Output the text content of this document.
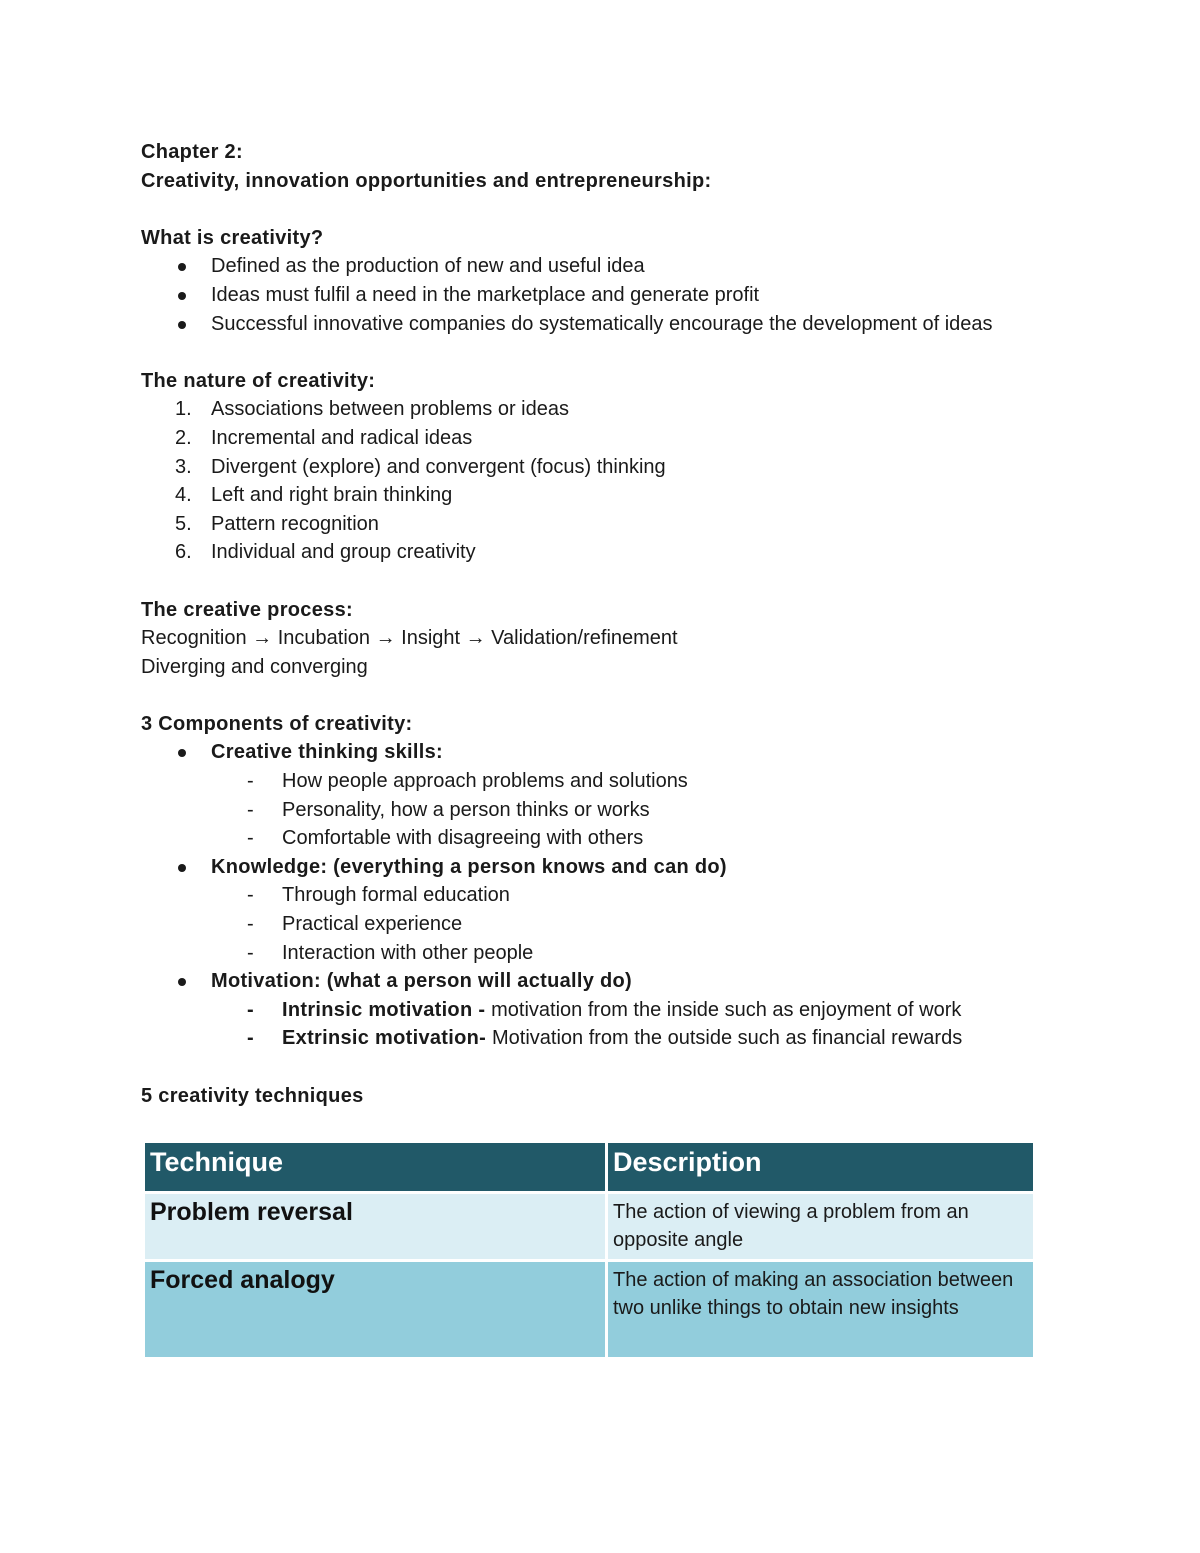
Chapter 2:
Creativity, innovation opportunities and entrepreneurship:
What is creativity?
Defined as the production of new and useful idea
Ideas must fulfil a need in the marketplace and generate profit
Successful innovative companies do systematically encourage the development of ideas
The nature of creativity:
1. Associations between problems or ideas
2. Incremental and radical ideas
3. Divergent (explore) and convergent (focus) thinking
4. Left and right brain thinking
5. Pattern recognition
6. Individual and group creativity
The creative process:
Recognition → Incubation → Insight → Validation/refinement
Diverging and converging
3 Components of creativity:
Creative thinking skills:
- How people approach problems and solutions
- Personality, how a person thinks or works
- Comfortable with disagreeing with others
Knowledge: (everything a person knows and can do)
- Through formal education
- Practical experience
- Interaction with other people
Motivation: (what a person will actually do)
- Intrinsic motivation - motivation from the inside such as enjoyment of work
- Extrinsic motivation- Motivation from the outside such as financial rewards
5 creativity techniques
Technique	Description
Problem reversal	The action of viewing a problem from an
opposite angle

Forced analogy	The action of making an association between
two unlike things to obtain new insights
